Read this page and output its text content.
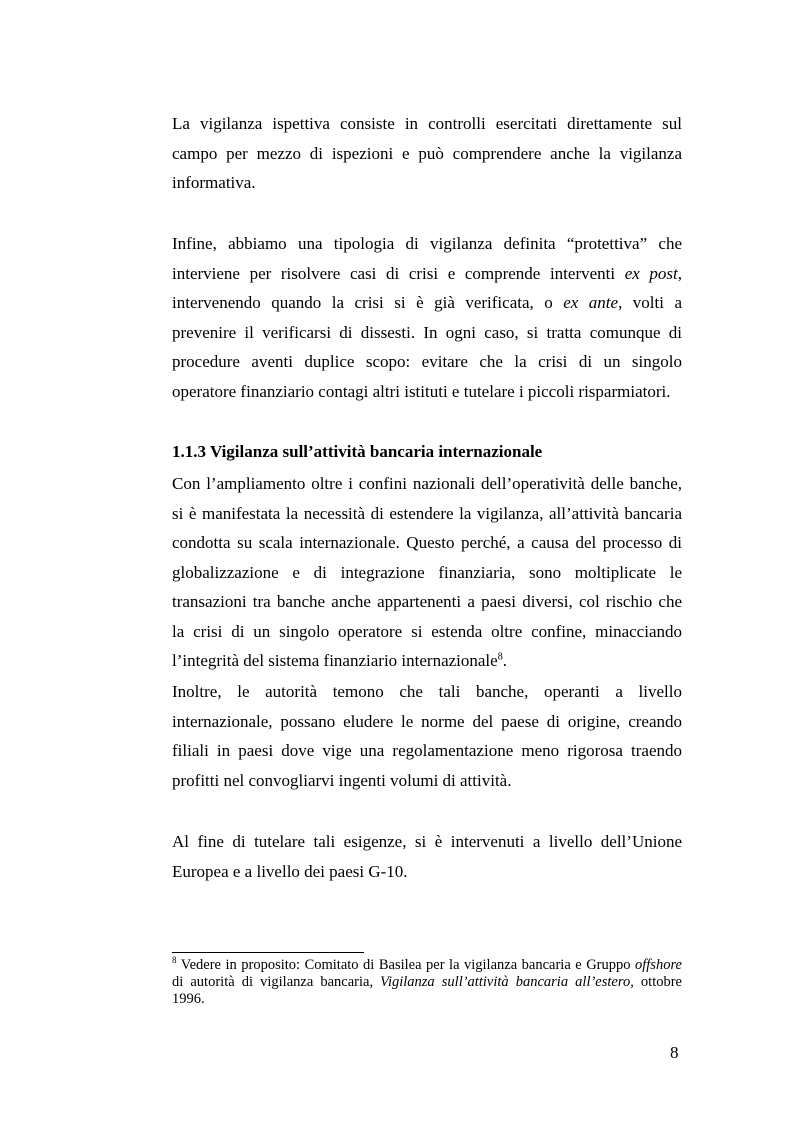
La vigilanza ispettiva consiste in controlli esercitati direttamente sul
campo per mezzo di ispezioni e può comprendere anche la vigilanza
informativa.

Infine, abbiamo una tipologia di vigilanza definita “protettiva” che
interviene per risolvere casi di crisi e comprende interventi ex post,
intervenendo quando la crisi si è già verificata, o ex ante, volti a
prevenire il verificarsi di dissesti. In ogni caso, si tratta comunque di
procedure aventi duplice scopo: evitare che la crisi di un singolo
operatore finanziario contagi altri istituti e tutelare i piccoli risparmiatori.

1.1.3 Vigilanza sull’attività bancaria internazionale

Con l’ampliamento oltre i confini nazionali dell’operatività delle banche,
si è manifestata la necessità di estendere la vigilanza, all’attività bancaria
condotta su scala internazionale. Questo perché, a causa del processo di
globalizzazione e di integrazione finanziaria, sono moltiplicate le
transazioni tra banche anche appartenenti a paesi diversi, col rischio che
la crisi di un singolo operatore si estenda oltre confine, minacciando
l’integrità del sistema finanziario internazionale$^8$.

Inoltre, le autorità temono che tali banche, operanti a livello
internazionale, possano eludere le norme del paese di origine, creando
filiali in paesi dove vige una regolamentazione meno rigorosa traendo
profitti nel convogliarvi ingenti volumi di attività.

Al fine di tutelare tali esigenze, si è intervenuti a livello dell’Unione
Europea e a livello dei paesi G-10.

$^8$ Vedere in proposito: Comitato di Basilea per la vigilanza bancaria e Gruppo offshore
di autorità di vigilanza bancaria, Vigilanza sull’attività bancaria all’estero, ottobre
1996.

8
